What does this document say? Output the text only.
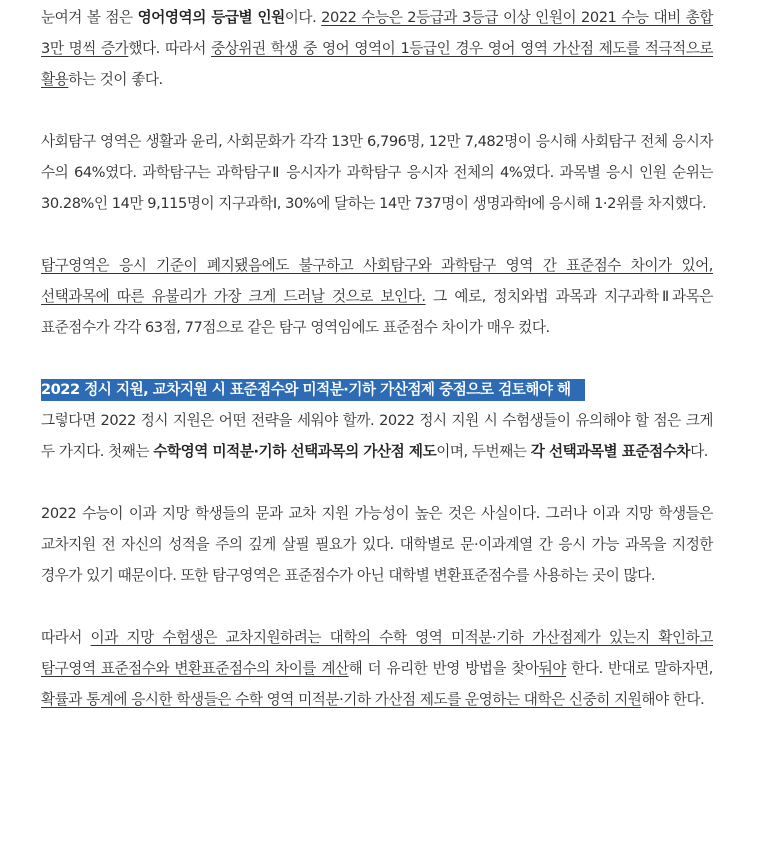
눈여겨 볼 점은 영어영역의 등급별 인원이다. 2022 수능은 2등급과 3등급 이상 인원이 2021 수능 대비 총합 3만 명씩 증가했다. 따라서 중상위권 학생 중 영어 영역이 1등급인 경우 영어 영역 가산점 제도를 적극적으로 활용하는 것이 좋다.

사회탐구 영역은 생활과 윤리, 사회문화가 각각 13만 6,796명, 12만 7,482명이 응시해 사회탐구 전체 응시자 수의 64%였다. 과학탐구는 과학탐구Ⅱ 응시자가 과학탐구 응시자 전체의 4%였다. 과목별 응시 인원 순위는 30.28%인 14만 9,115명이 지구과학Ⅰ, 30%에 달하는 14만 737명이 생명과학Ⅰ에 응시해 1·2위를 차지했다.

탐구영역은 응시 기준이 폐지됐음에도 불구하고 사회탐구와 과학탐구 영역 간 표준점수 차이가 있어, 선택과목에 따른 유불리가 가장 크게 드러날 것으로 보인다. 그 예로, 정치와법 과목과 지구과학Ⅱ과목은 표준점수가 각각 63점, 77점으로 같은 탐구 영역임에도 표준점수 차이가 매우 컸다.

2022 정시 지원, 교차지원 시 표준점수와 미적분·기하 가산점제 중점으로 검토해야 해

그렇다면 2022 정시 지원은 어떤 전략을 세워야 할까. 2022 정시 지원 시 수험생들이 유의해야 할 점은 크게 두 가지다. 첫째는 수학영역 미적분·기하 선택과목의 가산점 제도이며, 두번째는 각 선택과목별 표준점수차다.

2022 수능이 이과 지망 학생들의 문과 교차 지원 가능성이 높은 것은 사실이다. 그러나 이과 지망 학생들은 교차지원 전 자신의 성적을 주의 깊게 살필 필요가 있다. 대학별로 문·이과계열 간 응시 가능 과목을 지정한 경우가 있기 때문이다. 또한 탐구영역은 표준점수가 아닌 대학별 변환표준점수를 사용하는 곳이 많다.

따라서 이과 지망 수험생은 교차지원하려는 대학의 수학 영역 미적분·기하 가산점제가 있는지 확인하고 탐구영역 표준점수와 변환표준점수의 차이를 계산해 더 유리한 반영 방법을 찾아둬야 한다. 반대로 말하자면, 확률과 통계에 응시한 학생들은 수학 영역 미적분·기하 가산점 제도를 운영하는 대학은 신중히 지원해야 한다.
